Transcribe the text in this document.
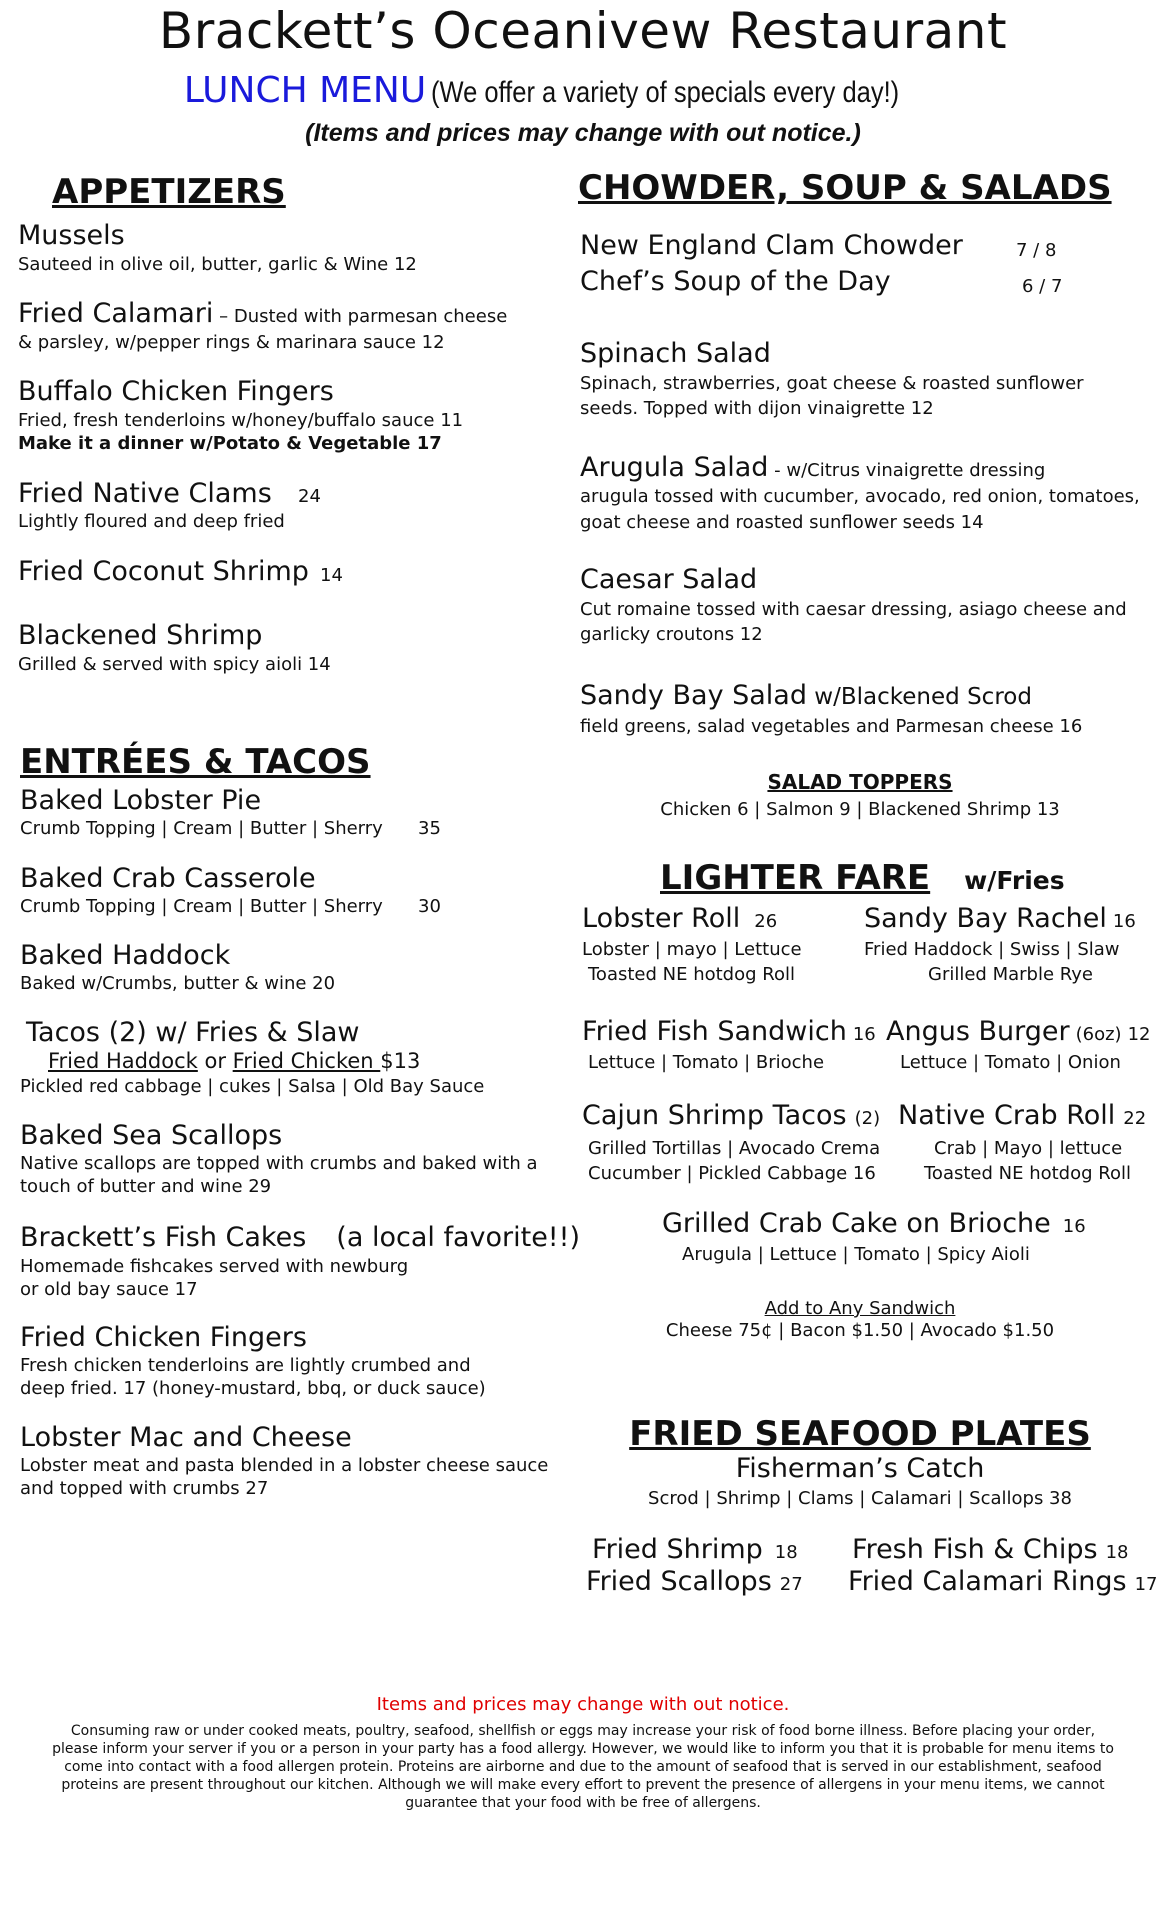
Brackett’s Oceanivew Restaurant
LUNCH MENU (We offer a variety of specials every day!)
(Items and prices may change with out notice.)
APPETIZERS
Mussels
Sauteed in olive oil, butter, garlic & Wine 12
Fried Calamari – Dusted with parmesan cheese
& parsley, w/pepper rings & marinara sauce 12
Buffalo Chicken Fingers
Fried, fresh tenderloins w/honey/buffalo sauce 11
Make it a dinner w/Potato & Vegetable 17
Fried Native Clams 24
Lightly floured and deep fried
Fried Coconut Shrimp 14
Blackened Shrimp
Grilled & served with spicy aioli 14
ENTRÉES & TACOS
Baked Lobster Pie
Crumb Topping | Cream | Butter | Sherry 35
Baked Crab Casserole
Crumb Topping | Cream | Butter | Sherry 30
Baked Haddock
Baked w/Crumbs, butter & wine 20
Tacos (2) w/ Fries & Slaw
Fried Haddock or Fried Chicken $13
Pickled red cabbage | cukes | Salsa | Old Bay Sauce
Baked Sea Scallops
Native scallops are topped with crumbs and baked with a
touch of butter and wine 29
Brackett’s Fish Cakes (a local favorite!!)
Homemade fishcakes served with newburg
or old bay sauce 17
Fried Chicken Fingers
Fresh chicken tenderloins are lightly crumbed and
deep fried. 17 (honey-mustard, bbq, or duck sauce)
Lobster Mac and Cheese
Lobster meat and pasta blended in a lobster cheese sauce
and topped with crumbs 27
CHOWDER, SOUP & SALADS
New England Clam Chowder	7 / 8
Chef’s Soup of the Day	6 / 7
Spinach Salad
Spinach, strawberries, goat cheese & roasted sunflower
seeds. Topped with dijon vinaigrette 12
Arugula Salad - w/Citrus vinaigrette dressing
arugula tossed with cucumber, avocado, red onion, tomatoes,
goat cheese and roasted sunflower seeds 14
Caesar Salad
Cut romaine tossed with caesar dressing, asiago cheese and
garlicky croutons 12
Sandy Bay Salad w/Blackened Scrod
field greens, salad vegetables and Parmesan cheese 16
SALAD TOPPERS
Chicken 6 | Salmon 9 | Blackened Shrimp 13
LIGHTER FARE w/Fries
Lobster Roll 26
Lobster | mayo | Lettuce
Toasted NE hotdog Roll
Sandy Bay Rachel 16
Fried Haddock | Swiss | Slaw
Grilled Marble Rye
Fried Fish Sandwich 16
Lettuce | Tomato | Brioche
Angus Burger (6oz) 12
Lettuce | Tomato | Onion
Cajun Shrimp Tacos (2)
Grilled Tortillas | Avocado Crema
Cucumber | Pickled Cabbage 16
Native Crab Roll 22
Crab | Mayo | lettuce
Toasted NE hotdog Roll
Grilled Crab Cake on Brioche 16
Arugula | Lettuce | Tomato | Spicy Aioli
Add to Any Sandwich
Cheese 75¢ | Bacon $1.50 | Avocado $1.50
FRIED SEAFOOD PLATES
Fisherman’s Catch
Scrod | Shrimp | Clams | Calamari | Scallops 38
Fried Shrimp 18 Fresh Fish & Chips 18
Fried Scallops 27 Fried Calamari Rings 17
Items and prices may change with out notice.
Consuming raw or under cooked meats, poultry, seafood, shellfish or eggs may increase your risk of food borne illness. Before placing your order,
please inform your server if you or a person in your party has a food allergy. However, we would like to inform you that it is probable for menu items to
come into contact with a food allergen protein. Proteins are airborne and due to the amount of seafood that is served in our establishment, seafood
proteins are present throughout our kitchen. Although we will make every effort to prevent the presence of allergens in your menu items, we cannot
guarantee that your food with be free of allergens.
